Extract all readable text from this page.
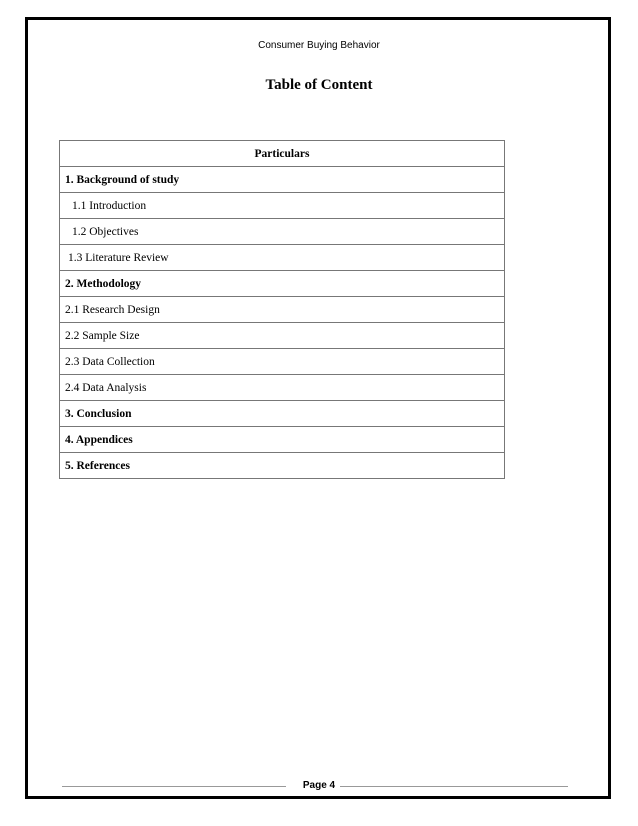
Consumer Buying Behavior
Table of Content
Particulars
1. Background of study
1.1 Introduction
1.2 Objectives
1.3 Literature Review
2. Methodology
2.1 Research Design
2.2 Sample Size
2.3 Data Collection
2.4 Data Analysis
3. Conclusion
4. Appendices
5. References
Page 4
